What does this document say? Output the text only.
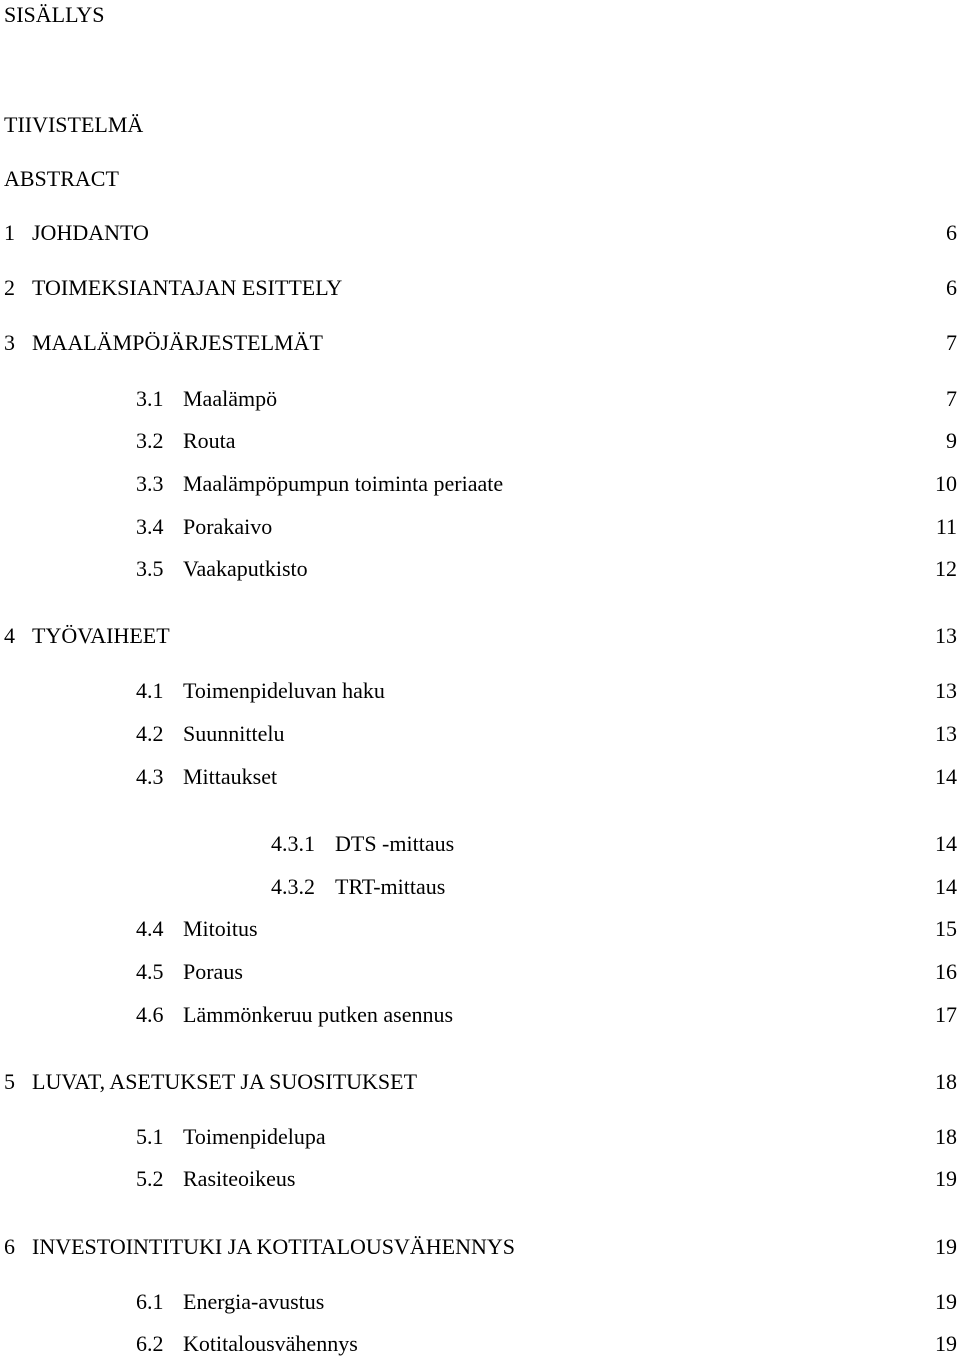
SISÄLLYS
TIIVISTELMÄ
ABSTRACT
1 JOHDANTO	6
2 TOIMEKSIANTAJAN ESITTELY	6
3 MAALÄMPÖJÄRJESTELMÄT	7
3.1 Maalämpö	7
3.2 Routa	9
3.3 Maalämpöpumpun toiminta periaate	10
3.4 Porakaivo	11
3.5 Vaakaputkisto	12
4 TYÖVAIHEET	13
4.1 Toimenpideluvan haku	13
4.2 Suunnittelu	13
4.3 Mittaukset	14
4.3.1 DTS -mittaus	14
4.3.2 TRT-mittaus	14
4.4 Mitoitus	15
4.5 Poraus	16
4.6 Lämmönkeruu putken asennus	17
5 LUVAT, ASETUKSET JA SUOSITUKSET	18
5.1 Toimenpidelupa	18
5.2 Rasiteoikeus	19
6 INVESTOINTITUKI JA KOTITALOUSVÄHENNYS	19
6.1 Energia-avustus	19
6.2 Kotitalousvähennys	19
